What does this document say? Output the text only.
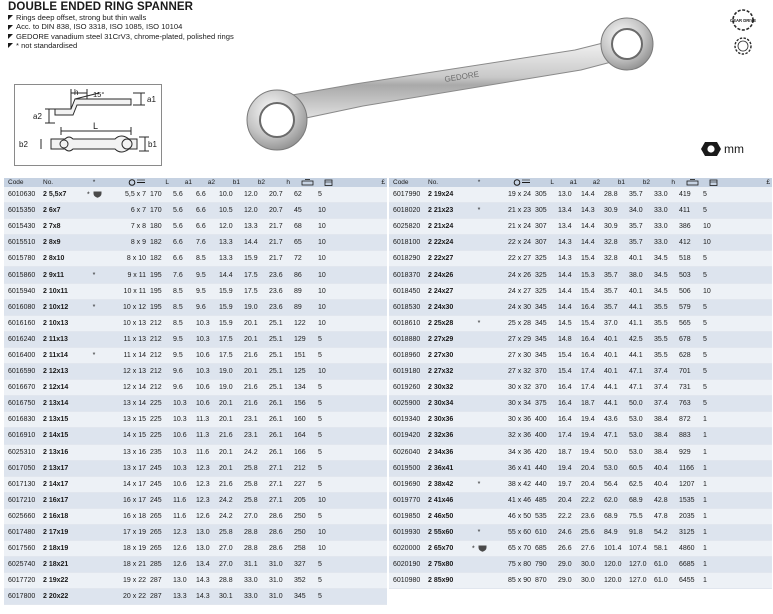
DOUBLE ENDED RING SPANNER
Rings deep offset, strong but thin walls
Acc. to DIN 838, ISO 3318, ISO 1085, ISO 10104
GEDORE vanadium steel 31CrV3, chrome-plated, polished rings
* not standardised
h 15°
a1
a2
L
b2	b1
GEDORE
GEAR DRIVE
mm
Code	No.	*		L	a1	a2	b1	b2	h			£
6010630	2 5,5x7	*	5,5 x 7	170	5.6	6.6	10.0	12.0	20.7	62	5	
6015350	2 6x7		6 x 7	170	5.6	6.6	10.5	12.0	20.7	45	10	
6015430	2 7x8		7 x 8	180	5.6	6.6	12.0	13.3	21.7	68	10	
6015510	2 8x9		8 x 9	182	6.6	7.6	13.3	14.4	21.7	65	10	
6015780	2 8x10		8 x 10	182	6.6	8.5	13.3	15.9	21.7	72	10	
6015860	2 9x11	*	9 x 11	195	7.6	9.5	14.4	17.5	23.6	86	10	
6015940	2 10x11		10 x 11	195	8.5	9.5	15.9	17.5	23.6	89	10	
6016080	2 10x12	*	10 x 12	195	8.5	9.6	15.9	19.0	23.6	89	10	
6016160	2 10x13		10 x 13	212	8.5	10.3	15.9	20.1	25.1	122	10	
6016240	2 11x13		11 x 13	212	9.5	10.3	17.5	20.1	25.1	129	5	
6016400	2 11x14	*	11 x 14	212	9.5	10.6	17.5	21.6	25.1	151	5	
6016590	2 12x13		12 x 13	212	9.6	10.3	19.0	20.1	25.1	125	10	
6016670	2 12x14		12 x 14	212	9.6	10.6	19.0	21.6	25.1	134	5	
6016750	2 13x14		13 x 14	225	10.3	10.6	20.1	21.6	26.1	156	5	
6016830	2 13x15		13 x 15	225	10.3	11.3	20.1	23.1	26.1	160	5	
6016910	2 14x15		14 x 15	225	10.6	11.3	21.6	23.1	26.1	164	5	
6025310	2 13x16		13 x 16	235	10.3	11.6	20.1	24.2	26.1	166	5	
6017050	2 13x17		13 x 17	245	10.3	12.3	20.1	25.8	27.1	212	5	
6017130	2 14x17		14 x 17	245	10.6	12.3	21.6	25.8	27.1	227	5	
6017210	2 16x17		16 x 17	245	11.6	12.3	24.2	25.8	27.1	205	10	
6025660	2 16x18		16 x 18	265	11.6	12.6	24.2	27.0	28.6	250	5	
6017480	2 17x19		17 x 19	265	12.3	13.0	25.8	28.8	28.6	250	10	
6017560	2 18x19		18 x 19	265	12.6	13.0	27.0	28.8	28.6	258	10	
6025740	2 18x21		18 x 21	285	12.6	13.4	27.0	31.1	31.0	327	5	
6017720	2 19x22		19 x 22	287	13.0	14.3	28.8	33.0	31.0	352	5	
6017800	2 20x22		20 x 22	287	13.3	14.3	30.1	33.0	31.0	345	5	
Code	No.	*		L	a1	a2	b1	b2	h			£
6017990	2 19x24		19 x 24	305	13.0	14.4	28.8	35.7	33.0	419	5	
6018020	2 21x23	*	21 x 23	305	13.4	14.3	30.9	34.0	33.0	411	5	
6025820	2 21x24		21 x 24	307	13.4	14.4	30.9	35.7	33.0	386	10	
6018100	2 22x24		22 x 24	307	14.3	14.4	32.8	35.7	33.0	412	10	
6018290	2 22x27		22 x 27	325	14.3	15.4	32.8	40.1	34.5	518	5	
6018370	2 24x26		24 x 26	325	14.4	15.3	35.7	38.0	34.5	503	5	
6018450	2 24x27		24 x 27	325	14.4	15.4	35.7	40.1	34.5	506	10	
6018530	2 24x30		24 x 30	345	14.4	16.4	35.7	44.1	35.5	579	5	
6018610	2 25x28	*	25 x 28	345	14.5	15.4	37.0	41.1	35.5	565	5	
6018880	2 27x29		27 x 29	345	14.8	16.4	40.1	42.5	35.5	678	5	
6018960	2 27x30		27 x 30	345	15.4	16.4	40.1	44.1	35.5	628	5	
6019180	2 27x32		27 x 32	370	15.4	17.4	40.1	47.1	37.4	701	5	
6019260	2 30x32		30 x 32	370	16.4	17.4	44.1	47.1	37.4	731	5	
6025900	2 30x34		30 x 34	375	16.4	18.7	44.1	50.0	37.4	763	5	
6019340	2 30x36		30 x 36	400	16.4	19.4	43.6	53.0	38.4	872	1	
6019420	2 32x36		32 x 36	400	17.4	19.4	47.1	53.0	38.4	883	1	
6026040	2 34x36		34 x 36	420	18.7	19.4	50.0	53.0	38.4	929	1	
6019500	2 36x41		36 x 41	440	19.4	20.4	53.0	60.5	40.4	1166	1	
6019690	2 38x42	*	38 x 42	440	19.7	20.4	56.4	62.5	40.4	1207	1	
6019770	2 41x46		41 x 46	485	20.4	22.2	62.0	68.9	42.8	1535	1	
6019850	2 46x50		46 x 50	535	22.2	23.6	68.9	75.5	47.8	2035	1	
6019930	2 55x60	*	55 x 60	610	24.6	25.6	84.9	91.8	54.2	3125	1	
6020000	2 65x70	*	65 x 70	685	26.6	27.6	101.4	107.4	58.1	4860	1	
6020190	2 75x80		75 x 80	790	29.0	30.0	120.0	127.0	61.0	6685	1	
6010980	2 85x90		85 x 90	870	29.0	30.0	120.0	127.0	61.0	6455	1	
